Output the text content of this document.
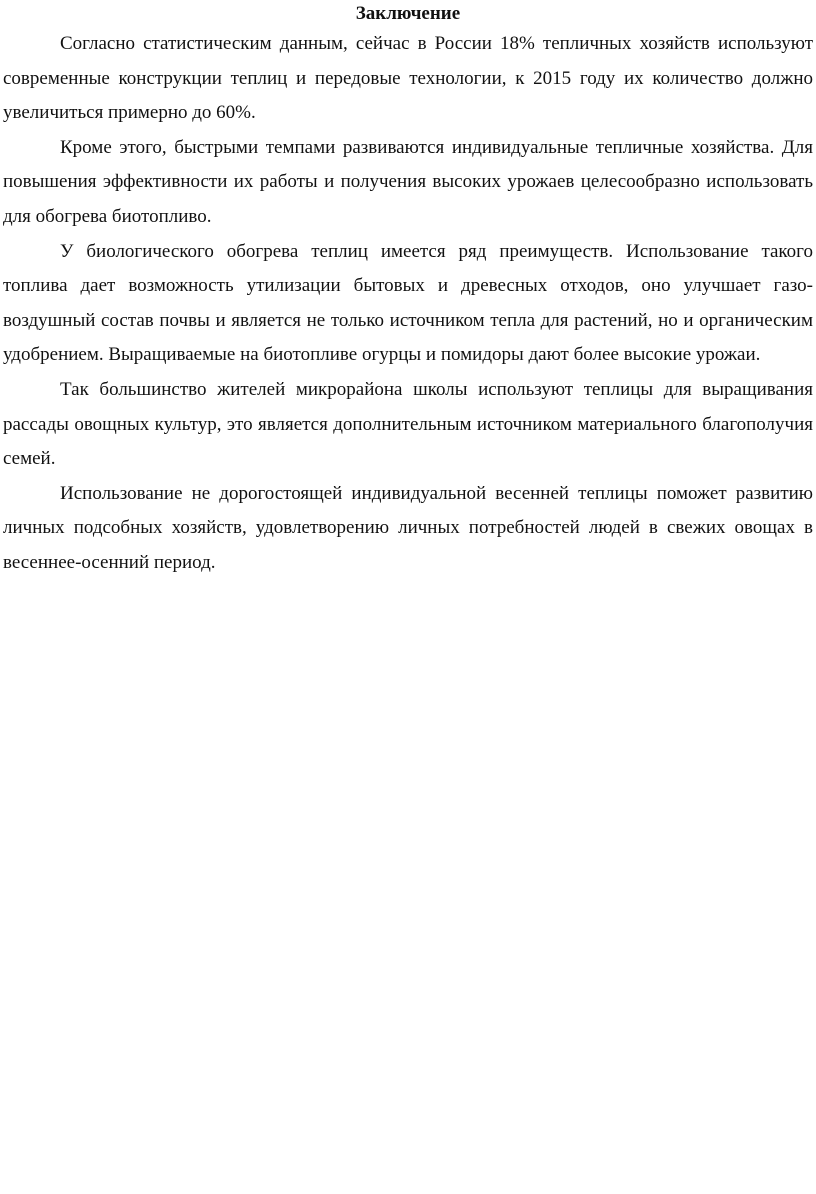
Заключение

Согласно статистическим данным, сейчас в России 18% тепличных хозяйств используют современные конструкции теплиц и передовые технологии, к 2015 году их количество должно увеличиться примерно до 60%.

Кроме этого, быстрыми темпами развиваются индивидуальные тепличные хозяйства. Для повышения эффективности их работы и получения высоких урожаев целесообразно использовать для обогрева биотопливо.

У биологического обогрева теплиц имеется ряд преимуществ. Использование такого топлива дает возможность утилизации бытовых и древесных отходов, оно улучшает газо-воздушный состав почвы и является не только источником тепла для растений, но и органическим удобрением. Выращиваемые на биотопливе огурцы и помидоры дают более высокие урожаи.

Так большинство жителей микрорайона школы используют теплицы для выращивания рассады овощных культур, это является дополнительным источником материального благополучия семей.

Использование не дорогостоящей индивидуальной весенней теплицы поможет развитию личных подсобных хозяйств, удовлетворению личных потребностей людей в свежих овощах в весеннее-осенний период.
